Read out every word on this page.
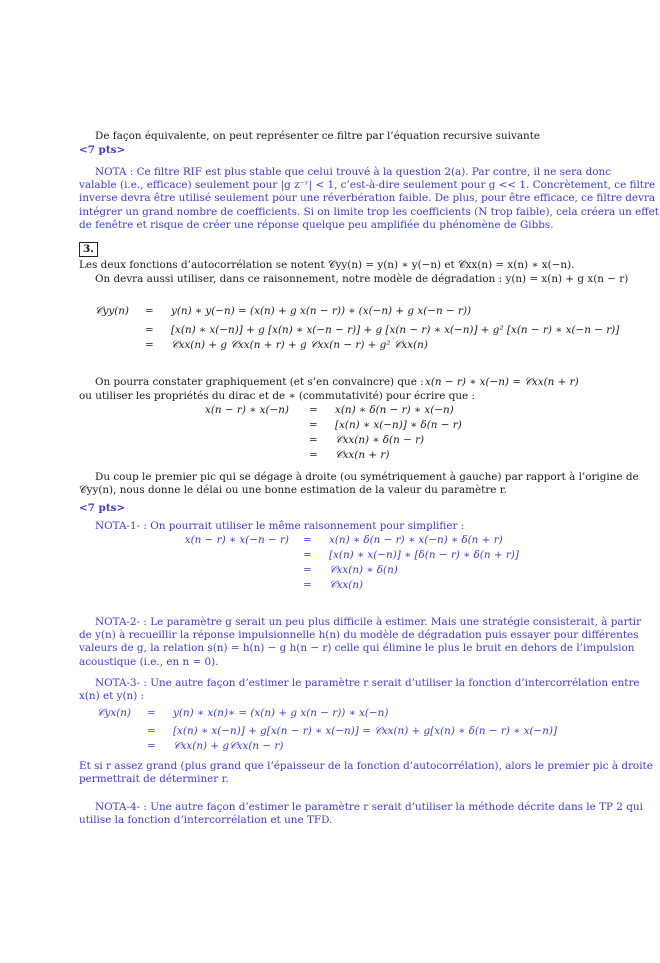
De façon équivalente, on peut représenter ce filtre par l’équation recursive suivante
<7 pts>
NOTA : Ce filtre RIF est plus stable que celui trouvé à la question 2(a). Par contre, il ne sera donc
valable (i.e., efficace) seulement pour |g z⁻ʳ| < 1, c’est-à-dire seulement pour g << 1. Concrètement, ce filtre
inverse devra être utilisé seulement pour une réverbération faible. De plus, pour être efficace, ce filtre devra
intégrer un grand nombre de coefficients. Si on limite trop les coefficients (N trop faible), cela créera un effet
de fenêtre et risque de créer une réponse quelque peu amplifiée du phénomène de Gibbs.
3.
Les deux fonctions d’autocorrélation se notent 𝒞yy(n) = y(n) ∗ y(−n) et 𝒞xx(n) = x(n) ∗ x(−n).
On devra aussi utiliser, dans ce raisonnement, notre modèle de dégradation : y(n) = x(n) + g x(n − r)
𝒞yy(n) = y(n) ∗ y(−n) = (x(n) + g x(n − r)) ∗ (x(−n) + g x(−n − r))
= [x(n) ∗ x(−n)] + g [x(n) ∗ x(−n − r)] + g [x(n − r) ∗ x(−n)] + g² [x(n − r) ∗ x(−n − r)]
= 𝒞xx(n) + g 𝒞xx(n + r) + g 𝒞xx(n − r) + g² 𝒞xx(n)
On pourra constater graphiquement (et s’en convaincre) que : x(n − r) ∗ x(−n) = 𝒞xx(n + r)
ou utiliser les propriétés du dirac et de ∗ (commutativité) pour écrire que :
x(n − r) ∗ x(−n) = x(n) ∗ δ(n − r) ∗ x(−n)
= [x(n) ∗ x(−n)] ∗ δ(n − r)
= 𝒞xx(n) ∗ δ(n − r)
= 𝒞xx(n + r)
Du coup le premier pic qui se dégage à droite (ou symétriquement à gauche) par rapport à l’origine de
𝒞yy(n), nous donne le délai ou une bonne estimation de la valeur du paramètre r.
<7 pts>
NOTA-1- : On pourrait utiliser le même raisonnement pour simplifier :
x(n − r) ∗ x(−n − r) = x(n) ∗ δ(n − r) ∗ x(−n) ∗ δ(n + r)
= [x(n) ∗ x(−n)] ∗ [δ(n − r) ∗ δ(n + r)]
= 𝒞xx(n) ∗ δ(n)
= 𝒞xx(n)
NOTA-2- : Le paramètre g serait un peu plus difficile à estimer. Mais une stratégie consisterait, à partir
de y(n) à recueillir la réponse impulsionnelle h(n) du modèle de dégradation puis essayer pour différentes
valeurs de g, la relation s(n) = h(n) − g h(n − r) celle qui élimine le plus le bruit en dehors de l’impulsion
acoustique (i.e., en n = 0).
NOTA-3- : Une autre façon d’estimer le paramètre r serait d’utiliser la fonction d’intercorrélation entre
x(n) et y(n) :
𝒞yx(n) = y(n) ∗ x(n)∗ = (x(n) + g x(n − r)) ∗ x(−n)
= [x(n) ∗ x(−n)] + g[x(n − r) ∗ x(−n)] = 𝒞xx(n) + g[x(n) ∗ δ(n − r) ∗ x(−n)]
= 𝒞xx(n) + g𝒞xx(n − r)
Et si r assez grand (plus grand que l’épaisseur de la fonction d’autocorrélation), alors le premier pic à droite
permettrait de déterminer r.
NOTA-4- : Une autre façon d’estimer le paramètre r serait d’utiliser la méthode décrite dans le TP 2 qui
utilise la fonction d’intercorrélation et une TFD.
